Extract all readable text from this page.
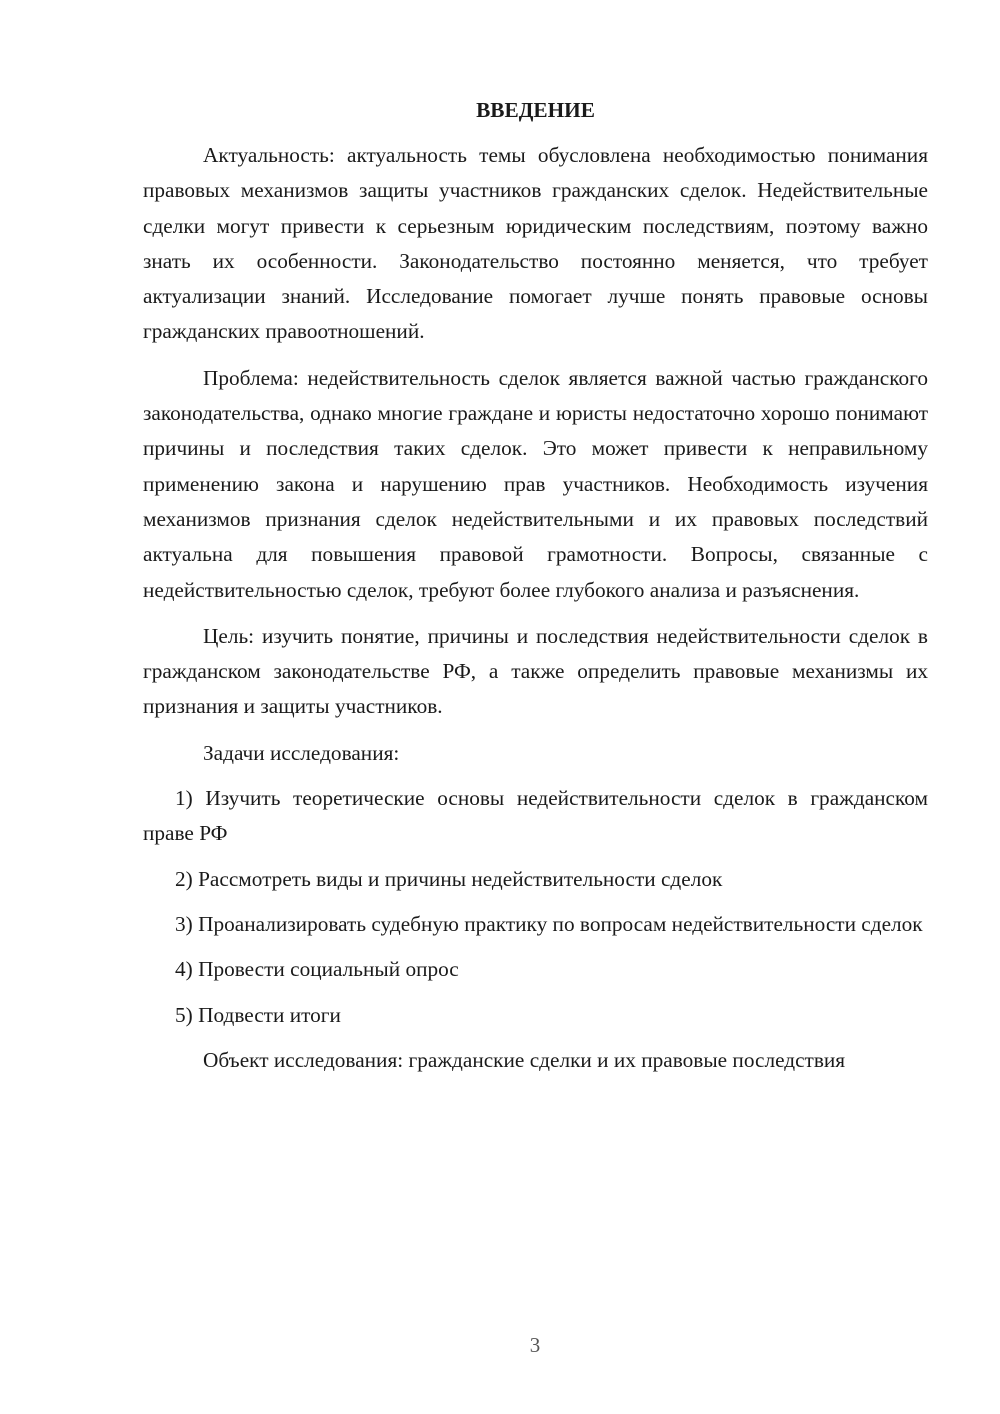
ВВЕДЕНИЕ

Актуальность: актуальность темы обусловлена необходимостью понимания правовых механизмов защиты участников гражданских сделок. Недействительные сделки могут привести к серьезным юридическим последствиям, поэтому важно знать их особенности. Законодательство постоянно меняется, что требует актуализации знаний. Исследование помогает лучше понять правовые основы гражданских правоотношений.

Проблема: недействительность сделок является важной частью гражданского законодательства, однако многие граждане и юристы недостаточно хорошо понимают причины и последствия таких сделок. Это может привести к неправильному применению закона и нарушению прав участников. Необходимость изучения механизмов признания сделок недействительными и их правовых последствий актуальна для повышения правовой грамотности. Вопросы, связанные с недействительностью сделок, требуют более глубокого анализа и разъяснения.

Цель: изучить понятие, причины и последствия недействительности сделок в гражданском законодательстве РФ, а также определить правовые механизмы их признания и защиты участников.

Задачи исследования:

1) Изучить теоретические основы недействительности сделок в гражданском праве РФ

2) Рассмотреть виды и причины недействительности сделок

3) Проанализировать судебную практику по вопросам недействительности сделок

4) Провести социальный опрос

5) Подвести итоги

Объект исследования: гражданские сделки и их правовые последствия

3
